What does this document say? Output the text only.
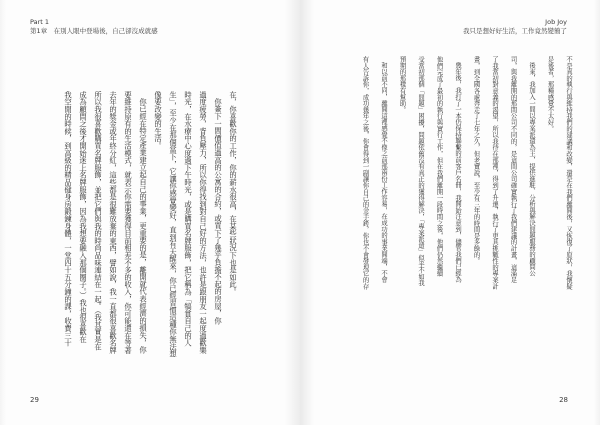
Part 1
第1章　在別人眼中登場後，自己卻沒成就感
29
Job Joy
我只是想好好生活，工作竟然變簡了
28
在，你喜歡你的工作，你的薪水很高，在某些狀況下也是如此。
你簽下一間價值過高的公寓的合約，或買下了幾乎負擔不起的房屋，你
過度疲勞，背負壓力，所以你得找到對自己好的方法，也許是跟朋友一起度過歡樂
時光，在水療中心度過下午時光，或是購買名牌服飾，把它稱為「犒賞自己的人
生」，至少在那個當下，它讓你感覺變好，直到有天醒來，你已經習慣這種你無法想
像要改變的生活。
你已經在特定產業建立起自己的事業，更重要的是，離開就代表經濟的損失，你
要維持原有的生活模式，就表示你需要獲得目前相差不多的收入，你可能還在等著
去年的獎金或年終分紅，這些都是很難放棄的東西，譬如說，我一直都很喜歡名牌
所以我很喜歡購買名牌服飾，並把它們與我的時尚品味連結在一起。（我其實是在
成為顧問之後才開始迷上名牌服飾，因為我想要融入那個圈子。）我也很喜歡在
我空閒的時候，到高級的精品健身房鍛鍊身體，一堂四十五分鐘的課，收費三十	不是真的執行與維持我們的建議和改變，還是在我們離開後，又恢復了原狀，我懷疑
是後者，那種感覺不太好。
後來，我加入一間以專案派遣為主，提供進駐、分析與解決問題服務的顧問公
司，與我離開的那間公司不同的，是這間公司確實執行了我們建議的計畫，這滿足
了我當初對意義的渴望，所以我待在那裡，得到了升遷，執行了更具挑戰性的專案計
畫，到全國各處奔走了七年之久，但老實說，至少有三年的時間是多餘的。
幾年後，我打了一本仍保持聯繫的前客戶名冊，我開始注意到，儘管我們已經為
他們完成了最初的執行與實行工作，但在我們離開一段時間之後，他們仍然繼續
受當初那個「問題」困擾，問題依舊沒有真正的獲得解決，「專案派遣」似乎不如我
預期的那樣有幫助。
和以前不同，離開這裡感覺不像之前那兩份工作容易，在成功的事業開端，不會
有人告訴你，成功幾年之後，你會得到一副讓你自己的金手銬，你也不會發現它的存
